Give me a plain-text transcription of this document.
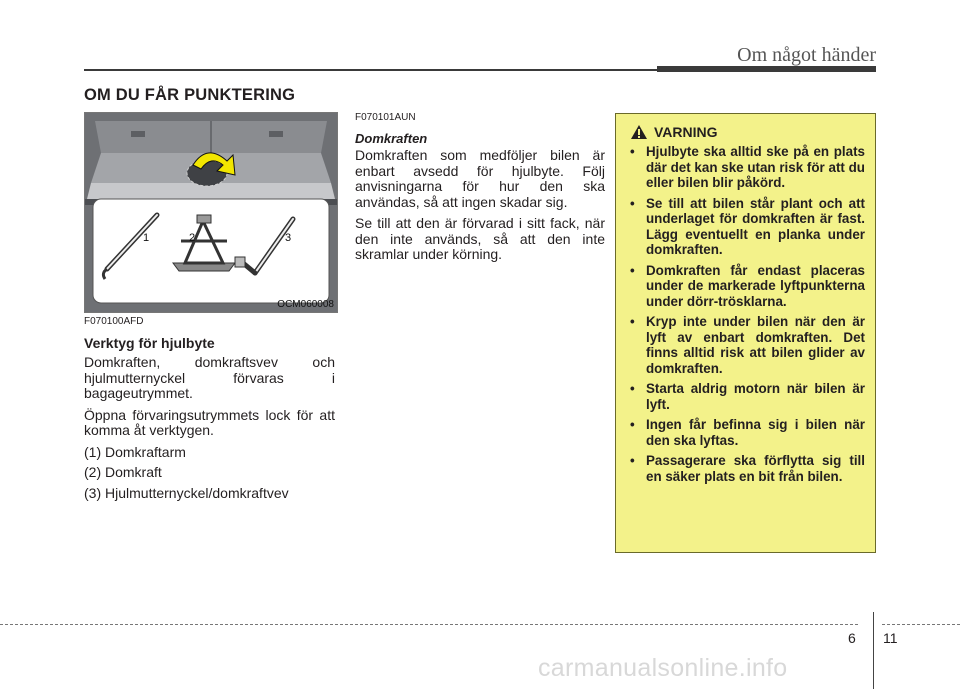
Om något händer
OM DU FÅR PUNKTERING
1	2	3
OCM060008
F070100AFD
Verktyg för hjulbyte

Domkraften, domkraftsvev och hjulmutternyckel förvaras i bagageutrymmet.

Öppna förvaringsutrymmets lock för att komma åt verktygen.

(1) Domkraftarm
(2) Domkraft
(3) Hjulmutternyckel/domkraftvev
F070101AUN
Domkraften

Domkraften som medföljer bilen är enbart avsedd för hjulbyte. Följ anvisningarna för hur den ska användas, så att ingen skadar sig.

Se till att den är förvarad i sitt fack, när den inte används, så att den inte skramlar under körning.

VARNING
• Hjulbyte ska alltid ske på en plats där det kan ske utan risk för att du eller bilen blir påkörd.
• Se till att bilen står plant och att underlaget för domkraften är fast. Lägg eventuellt en planka under domkraften.
• Domkraften får endast placeras under de markerade lyftpunkterna under dörr-trösklarna.
• Kryp inte under bilen när den är lyft av enbart domkraften. Det finns alltid risk att bilen glider av domkraften.
• Starta aldrig motorn när bilen är lyft.
• Ingen får befinna sig i bilen när den ska lyftas.
• Passagerare ska förflytta sig till en säker plats en bit från bilen.
6 11
carmanualsonline.info
